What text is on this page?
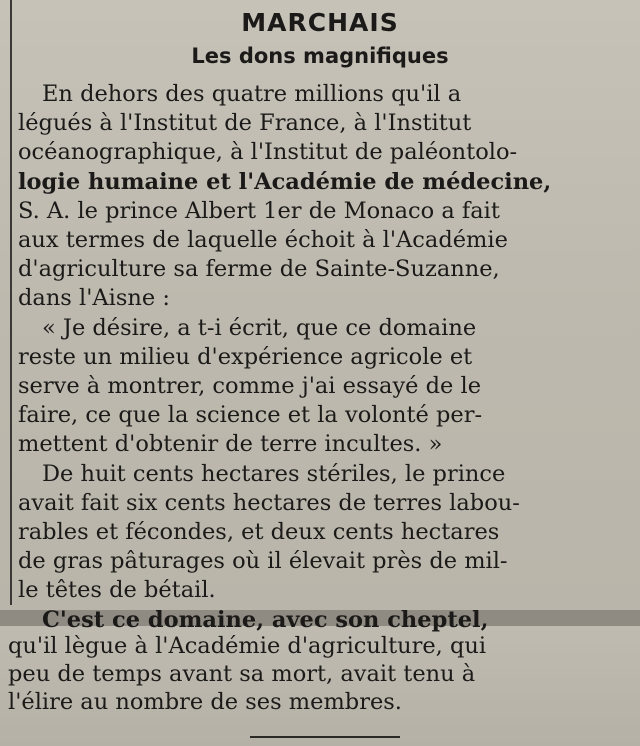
MARCHAIS
Les dons magnifiques
En dehors des quatre millions qu'il a
légués à l'Institut de France, à l'Institut
océanographique, à l'Institut de paléontolo-
logie humaine et l'Académie de médecine,
S. A. le prince Albert 1er de Monaco a fait
aux termes de laquelle échoit à l'Académie
d'agriculture sa ferme de Sainte-Suzanne,
dans l'Aisne :
« Je désire, a t-i écrit, que ce domaine
reste un milieu d'expérience agricole et
serve à montrer, comme j'ai essayé de le
faire, ce que la science et la volonté per-
mettent d'obtenir de terre incultes. »
De huit cents hectares stériles, le prince
avait fait six cents hectares de terres labou-
rables et fécondes, et deux cents hectares
de gras pâturages où il élevait près de mil-
le têtes de bétail.
C'est ce domaine, avec son cheptel,
qu'il lègue à l'Académie d'agriculture, qui
peu de temps avant sa mort, avait tenu à
l'élire au nombre de ses membres.
